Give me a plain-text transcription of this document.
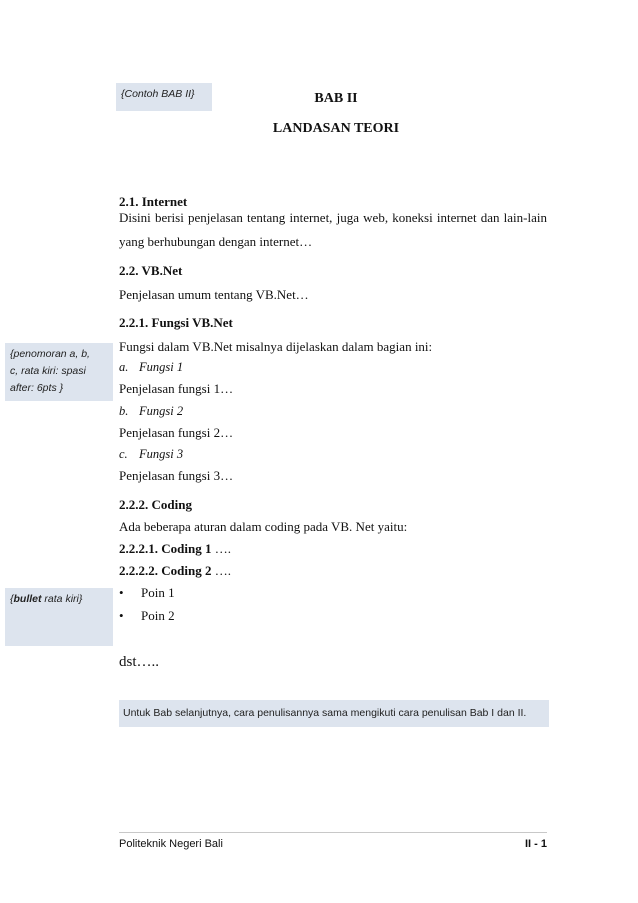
{Contoh BAB II}
{penomoran a, b,
c, rata kiri: spasi
after: 6pts }
{bullet rata kiri}
BAB II
LANDASAN TEORI
2.1. Internet
Disini berisi penjelasan tentang internet, juga web, koneksi internet dan lain-lain
yang berhubungan dengan internet…
2.2. VB.Net
Penjelasan umum tentang VB.Net…
2.2.1. Fungsi VB.Net
Fungsi dalam VB.Net misalnya dijelaskan dalam bagian ini:
a. Fungsi 1
Penjelasan fungsi 1…
b. Fungsi 2
Penjelasan fungsi 2…
c. Fungsi 3
Penjelasan fungsi 3…
2.2.2. Coding
Ada beberapa aturan dalam coding pada VB. Net yaitu:
2.2.2.1. Coding 1 ….
2.2.2.2. Coding 2 ….
• Poin 1
• Poin 2
dst…..
Untuk Bab selanjutnya, cara penulisannya sama mengikuti cara penulisan Bab I dan II.
Politeknik Negeri Bali	II - 1
